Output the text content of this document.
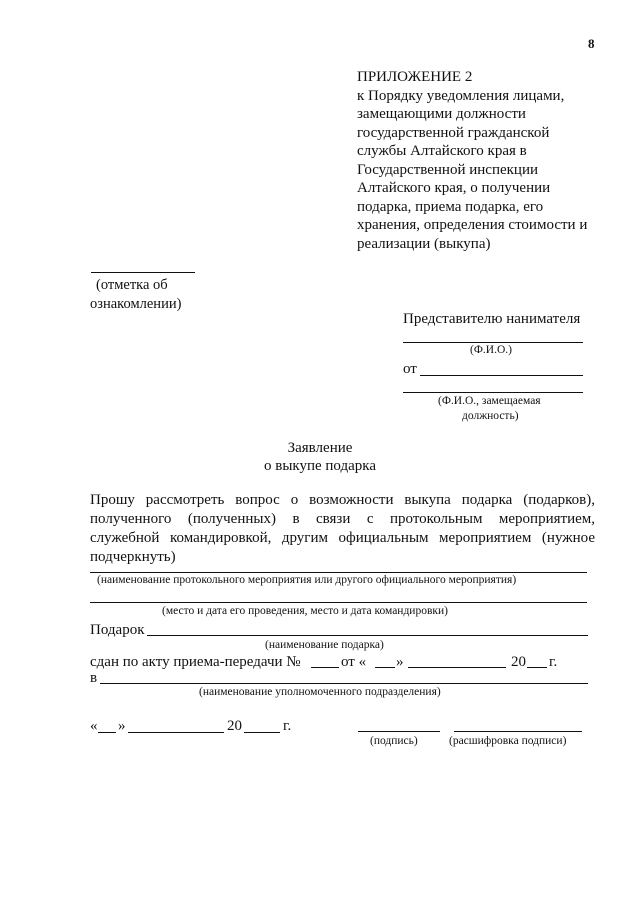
8
ПРИЛОЖЕНИЕ 2
к Порядку уведомления лицами,
замещающими должности
государственной гражданской
службы Алтайского края в
Государственной инспекции
Алтайского края, о получении
подарка, приема подарка, его
хранения, определения стоимости и
реализации (выкупа)
(отметка об
ознакомлении)
Представителю нанимателя
(Ф.И.О.)
от
(Ф.И.О., замещаемая
должность)
Заявление
о выкупе подарка
Прошу рассмотреть вопрос о возможности выкупа подарка (подарков),
полученного (полученных) в связи с протокольным мероприятием,
служебной командировкой, другим официальным мероприятием (нужное
подчеркнуть)
(наименование протокольного мероприятия или другого официального мероприятия)
(место и дата его проведения, место и дата командировки)
Подарок
(наименование подарка)
сдан по акту приема-передачи №	от « »	20 г.
в
(наименование уполномоченного подразделения)
« »	20	г.
(подпись)	(расшифровка подписи)
